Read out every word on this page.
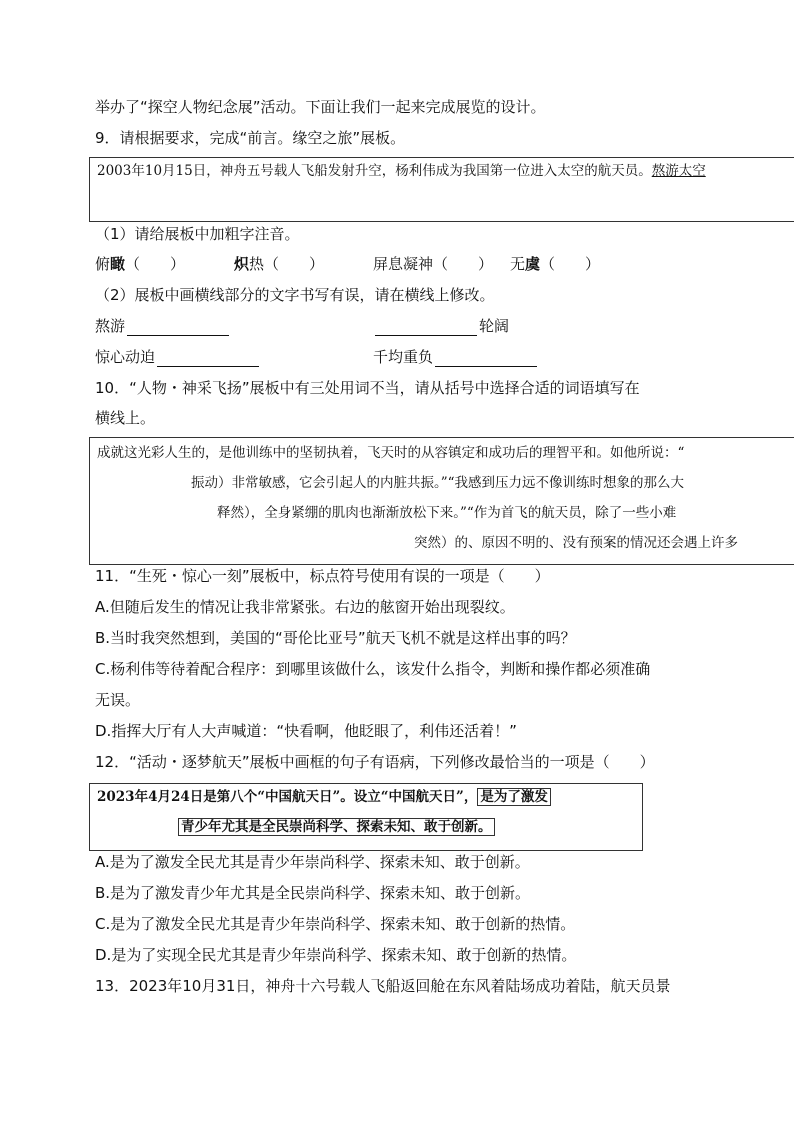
举办了“探空人物纪念展”活动。下面让我们一起来完成展览的设计。
9．请根据要求，完成“前言。缘空之旅”展板。
2003年10月15日，神舟五号载人飞船发射升空，杨利伟成为我国第一位进入太空的航天员。熬游太空
（1）请给展板中加粗字注音。
俯瞰（　　）	炽热（　　）	屏息凝神（　　） 无虞（　　）
（2）展板中画横线部分的文字书写有误，请在横线上修改。
熬游	轮阔
惊心动迫	千均重负
10．“人物・神采飞扬”展板中有三处用词不当，请从括号中选择合适的词语填写在
横线上。
成就这光彩人生的，是他训练中的坚韧执着，飞天时的从容镇定和成功后的理智平和。如他所说：“
振动）非常敏感，它会引起人的内脏共振。”“我感到压力远不像训练时想象的那么大
释然），全身紧绷的肌肉也渐渐放松下来。”“作为首飞的航天员，除了一些小难
突然）的、原因不明的、没有预案的情况还会遇上许多
11．“生死・惊心一刻”展板中，标点符号使用有误的一项是（　　）
A.但随后发生的情况让我非常紧张。右边的舷窗开始出现裂纹。
B.当时我突然想到，美国的“哥伦比亚号”航天飞机不就是这样出事的吗？
C.杨利伟等待着配合程序：到哪里该做什么，该发什么指令，判断和操作都必须准确
无误。
D.指挥大厅有人大声喊道：“快看啊，他眨眼了，利伟还活着！”
12．“活动・逐梦航天”展板中画框的句子有语病，下列修改最恰当的一项是（　　）
2023年4月24日是第八个“中国航天日”。设立“中国航天日”， 是为了激发
青少年尤其是全民崇尚科学、探索未知、敢于创新。
A.是为了激发全民尤其是青少年崇尚科学、探索未知、敢于创新。
B.是为了激发青少年尤其是全民崇尚科学、探索未知、敢于创新。
C.是为了激发全民尤其是青少年崇尚科学、探索未知、敢于创新的热情。
D.是为了实现全民尤其是青少年崇尚科学、探索未知、敢于创新的热情。
13．2023年10月31日，神舟十六号载人飞船返回舱在东风着陆场成功着陆，航天员景
